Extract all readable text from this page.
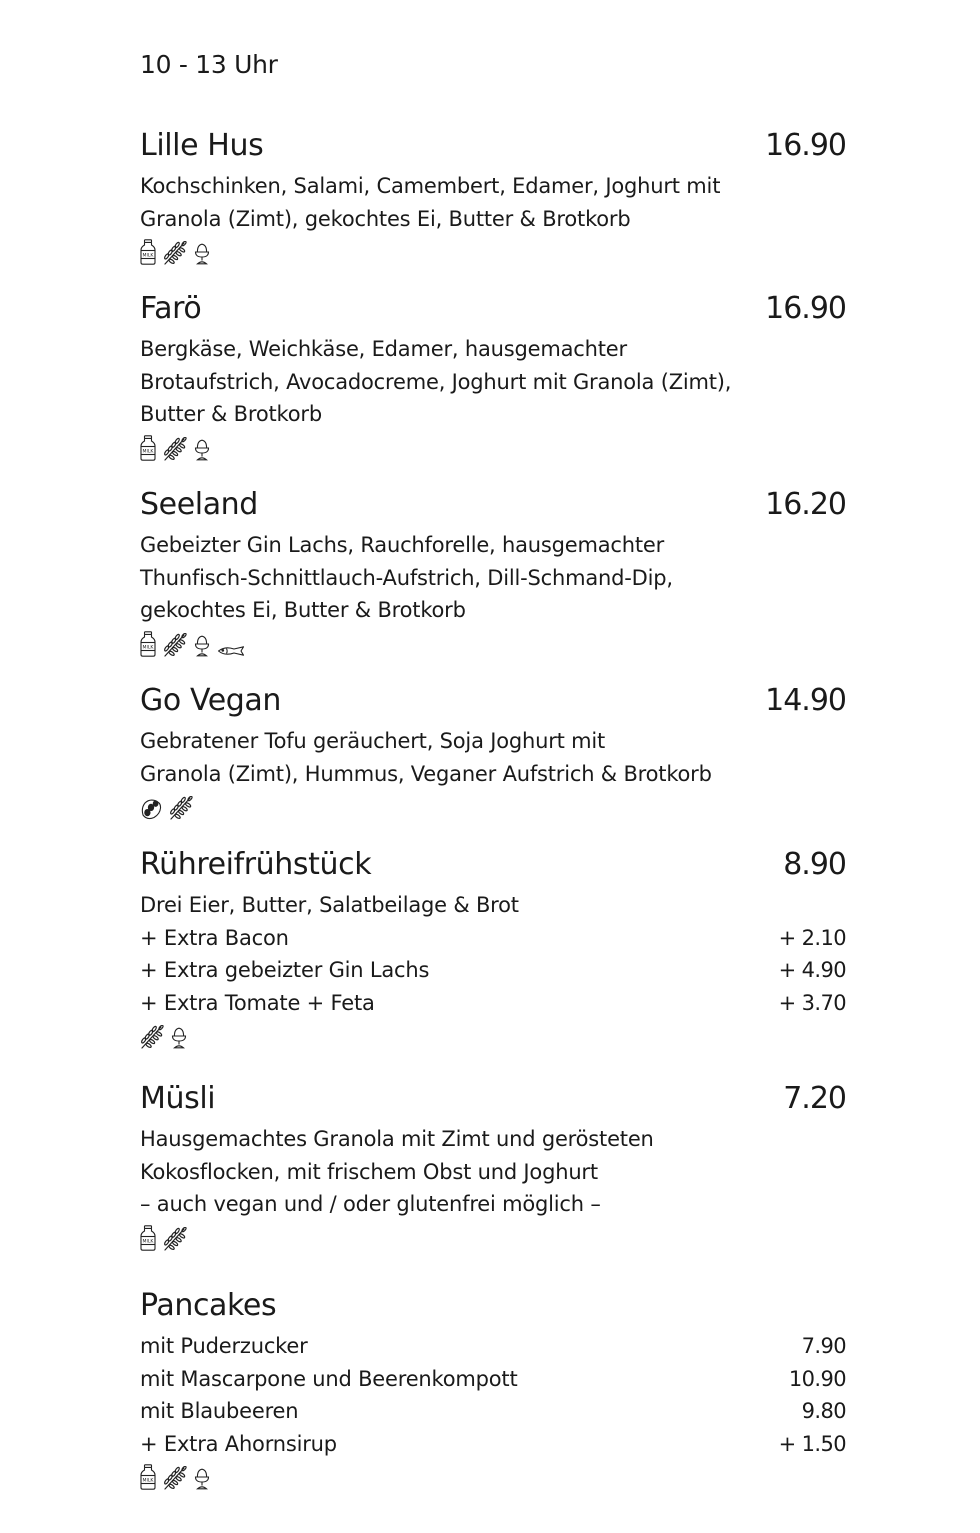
10 - 13 Uhr
Lille Hus	16.90
Kochschinken, Salami, Camembert, Edamer, Joghurt mit
Granola (Zimt), gekochtes Ei, Butter & Brotkorb
MILK
Farö	16.90
Bergkäse, Weichkäse, Edamer, hausgemachter
Brotaufstrich, Avocadocreme, Joghurt mit Granola (Zimt),
Butter & Brotkorb
MILK
Seeland	16.20
Gebeizter Gin Lachs, Rauchforelle, hausgemachter
Thunfisch-Schnittlauch-Aufstrich, Dill-Schmand-Dip,
gekochtes Ei, Butter & Brotkorb
MILK
Go Vegan	14.90
Gebratener Tofu geräuchert, Soja Joghurt mit
Granola (Zimt), Hummus, Veganer Aufstrich & Brotkorb
Rühreifrühstück	8.90
Drei Eier, Butter, Salatbeilage & Brot
+ Extra Bacon	+ 2.10
+ Extra gebeizter Gin Lachs	+ 4.90
+ Extra Tomate + Feta	+ 3.70
Müsli	7.20
Hausgemachtes Granola mit Zimt und gerösteten
Kokosflocken, mit frischem Obst und Joghurt
– auch vegan und / oder glutenfrei möglich –
MILK
Pancakes
mit Puderzucker	7.90
mit Mascarpone und Beerenkompott	10.90
mit Blaubeeren	9.80
+ Extra Ahornsirup	+ 1.50
MILK
